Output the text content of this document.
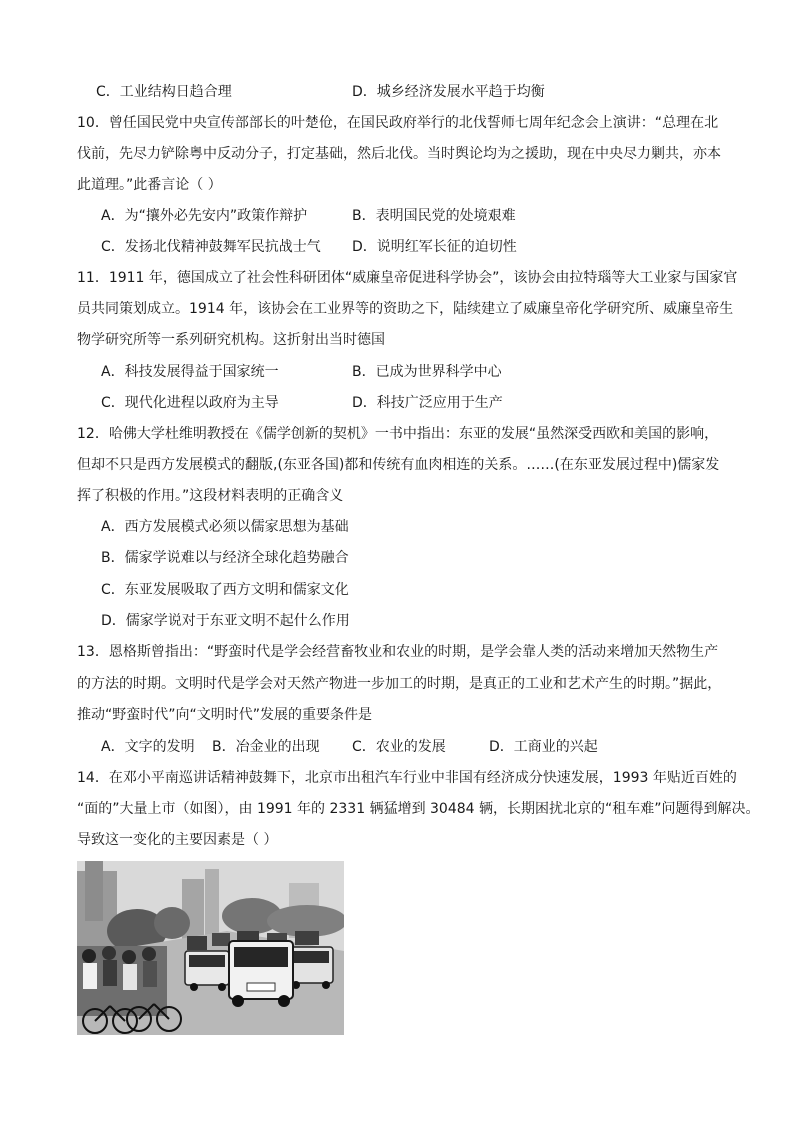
C．工业结构日趋合理	D．城乡经济发展水平趋于均衡
10．曾任国民党中央宣传部部长的叶楚伧，在国民政府举行的北伐誓师七周年纪念会上演讲：“总理在北
伐前，先尽力铲除粤中反动分子，打定基础，然后北伐。当时舆论均为之援助，现在中央尽力剿共，亦本
此道理。”此番言论（ ）
A．为“攘外必先安内”政策作辩护	B．表明国民党的处境艰难
C．发扬北伐精神鼓舞军民抗战士气 D．说明红军长征的迫切性
11．1911 年，德国成立了社会性科研团体“威廉皇帝促进科学协会”，该协会由拉特瑙等大工业家与国家官
员共同策划成立。1914 年，该协会在工业界等的资助之下，陆续建立了威廉皇帝化学研究所、威廉皇帝生
物学研究所等一系列研究机构。这折射出当时德国
A．科技发展得益于国家统一	B．已成为世界科学中心
C．现代化进程以政府为主导	D．科技广泛应用于生产
12．哈佛大学杜维明教授在《儒学创新的契机》一书中指出：东亚的发展“虽然深受西欧和美国的影响，
但却不只是西方发展模式的翻版,(东亚各国)都和传统有血肉相连的关系。……(在东亚发展过程中)儒家发
挥了积极的作用。”这段材料表明的正确含义
A．西方发展模式必须以儒家思想为基础
B．儒家学说难以与经济全球化趋势融合
C．东亚发展吸取了西方文明和儒家文化
D．儒家学说对于东亚文明不起什么作用
13．恩格斯曾指出：“野蛮时代是学会经营畜牧业和农业的时期，是学会靠人类的活动来增加天然物生产
的方法的时期。文明时代是学会对天然产物进一步加工的时期，是真正的工业和艺术产生的时期。”据此，
推动“野蛮时代”向“文明时代”发展的重要条件是
A．文字的发明 B．冶金业的出现 C．农业的发展	D．工商业的兴起
14．在邓小平南巡讲话精神鼓舞下，北京市出租汽车行业中非国有经济成分快速发展，1993 年贴近百姓的
“面的”大量上市（如图），由 1991 年的 2331 辆猛增到 30484 辆，长期困扰北京的“租车难”问题得到解决。
导致这一变化的主要因素是（ ）
